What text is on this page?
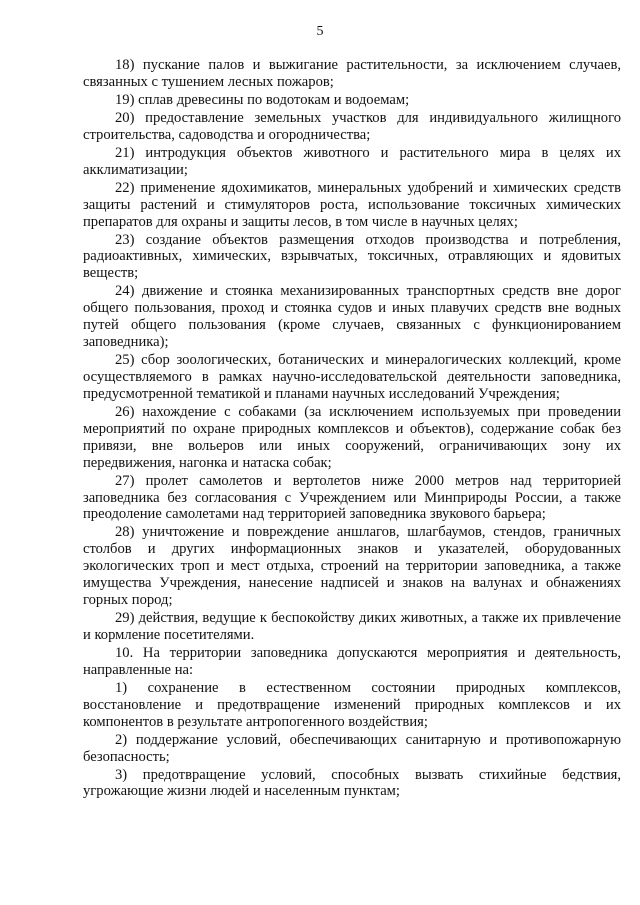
5

18) пускание палов и выжигание растительности, за исключением случаев, связанных с тушением лесных пожаров;

19) сплав древесины по водотокам и водоемам;

20) предоставление земельных участков для индивидуального жилищного строительства, садоводства и огородничества;

21) интродукция объектов животного и растительного мира в целях их акклиматизации;

22) применение ядохимикатов, минеральных удобрений и химических средств защиты растений и стимуляторов роста, использование токсичных химических препаратов для охраны и защиты лесов, в том числе в научных целях;

23) создание объектов размещения отходов производства и потребления, радиоактивных, химических, взрывчатых, токсичных, отравляющих и ядовитых веществ;

24) движение и стоянка механизированных транспортных средств вне дорог общего пользования, проход и стоянка судов и иных плавучих средств вне водных путей общего пользования (кроме случаев, связанных с функционированием заповедника);

25) сбор зоологических, ботанических и минералогических коллекций, кроме осуществляемого в рамках научно-исследовательской деятельности заповедника, предусмотренной тематикой и планами научных исследований Учреждения;

26) нахождение с собаками (за исключением используемых при проведении мероприятий по охране природных комплексов и объектов), содержание собак без привязи, вне вольеров или иных сооружений, ограничивающих зону их передвижения, нагонка и натаска собак;

27) пролет самолетов и вертолетов ниже 2000 метров над территорией заповедника без согласования с Учреждением или Минприроды России, а также преодоление самолетами над территорией заповедника звукового барьера;

28) уничтожение и повреждение аншлагов, шлагбаумов, стендов, граничных столбов и других информационных знаков и указателей, оборудованных экологических троп и мест отдыха, строений на территории заповедника, а также имущества Учреждения, нанесение надписей и знаков на валунах и обнажениях горных пород;

29) действия, ведущие к беспокойству диких животных, а также их привлечение и кормление посетителями.

10. На территории заповедника допускаются мероприятия и деятельность, направленные на:

1) сохранение в естественном состоянии природных комплексов, восстановление и предотвращение изменений природных комплексов и их компонентов в результате антропогенного воздействия;

2) поддержание условий, обеспечивающих санитарную и противопожарную безопасность;

3) предотвращение условий, способных вызвать стихийные бедствия, угрожающие жизни людей и населенным пунктам;
